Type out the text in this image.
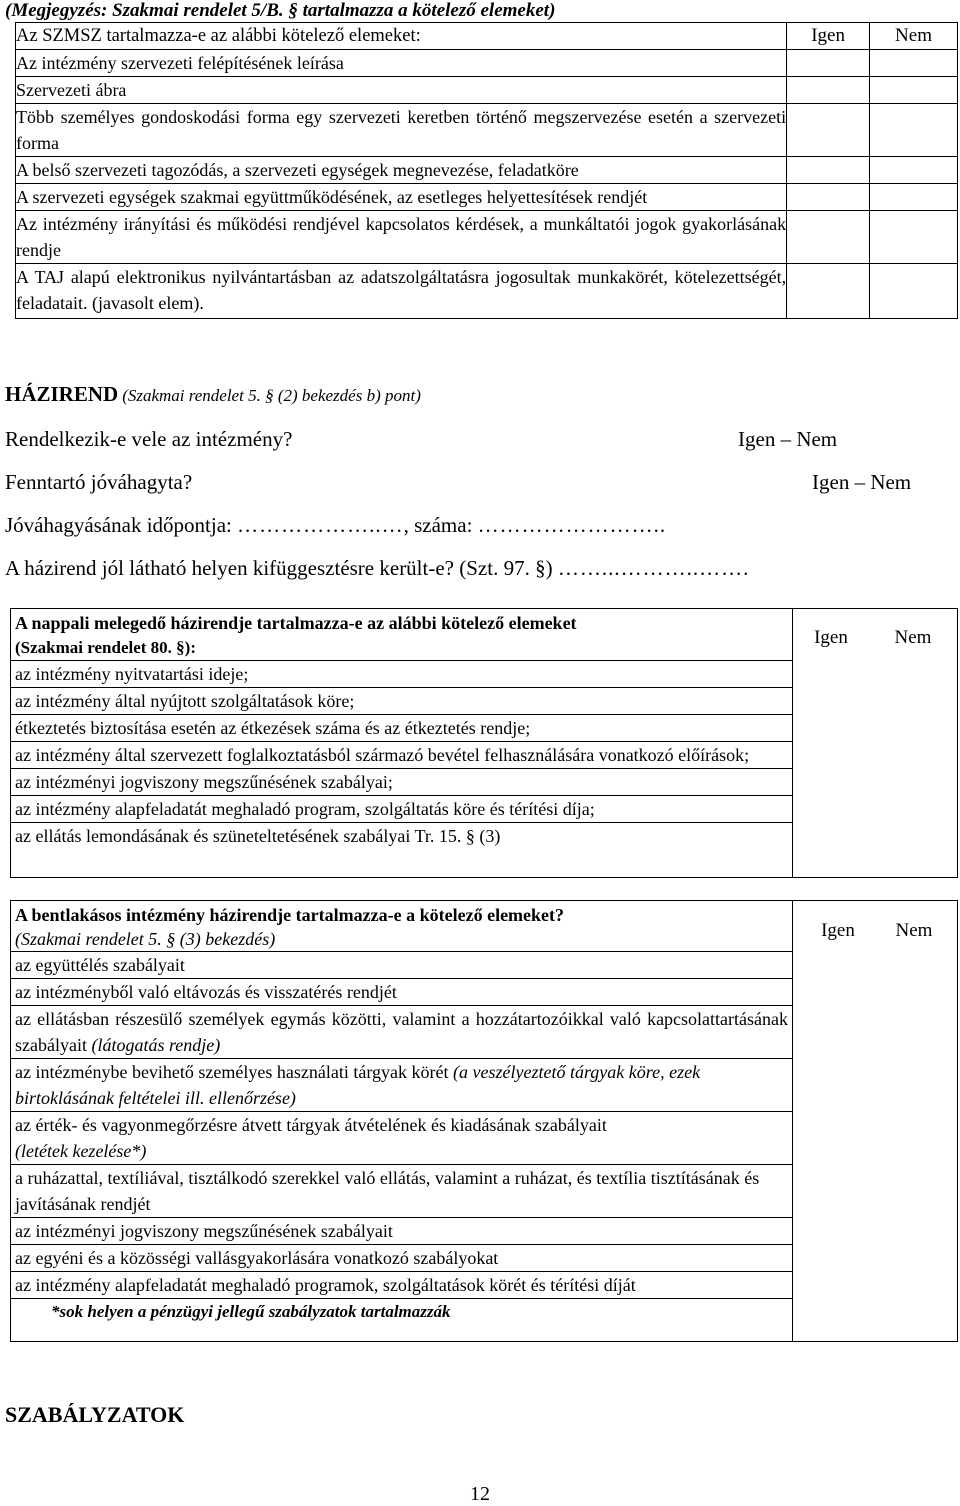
(Megjegyzés: Szakmai rendelet 5/B. § tartalmazza a kötelező elemeket)
Az SZMSZ tartalmazza-e az alábbi kötelező elemeket:	Igen	Nem
Az intézmény szervezeti felépítésének leírása		
Szervezeti ábra		
Több személyes gondoskodási forma egy szervezeti keretben történő megszervezése esetén a szervezeti forma		
A belső szervezeti tagozódás, a szervezeti egységek megnevezése, feladatköre		
A szervezeti egységek szakmai együttműködésének, az esetleges helyettesítések rendjét		
Az intézmény irányítási és működési rendjével kapcsolatos kérdések, a munkáltatói jogok gyakorlásának rendje		
A TAJ alapú elektronikus nyilvántartásban az adatszolgáltatásra jogosultak munkakörét, kötelezettségét, feladatait. (javasolt elem).		
HÁZIREND (Szakmai rendelet 5. § (2) bekezdés b) pont)
Rendelkezik-e vele az intézmény?	Igen – Nem
Fenntartó jóváhagyta?	Igen – Nem
Jóváhagyásának időpontja: ………………..…, száma: ……………………..
A házirend jól látható helyen kifüggesztésre került-e? (Szt. 97. §) ……...………..…….
A nappali melegedő házirendje tartalmazza-e az alábbi kötelező elemeket
(Szakmai rendelet 80. §):
az intézmény nyitvatartási ideje;
az intézmény által nyújtott szolgáltatások köre;
étkeztetés biztosítása esetén az étkezések száma és az étkeztetés rendje;
az intézmény által szervezett foglalkoztatásból származó bevétel felhasználására vonatkozó előírások;
az intézményi jogviszony megszűnésének szabályai;
az intézmény alapfeladatát meghaladó program, szolgáltatás köre és térítési díja;
az ellátás lemondásának és szüneteltetésének szabályai Tr. 15. § (3)
Igen	Nem
A bentlakásos intézmény házirendje tartalmazza-e a kötelező elemeket?
(Szakmai rendelet 5. § (3) bekezdés)
az együttélés szabályait
az intézményből való eltávozás és visszatérés rendjét
az ellátásban részesülő személyek egymás közötti, valamint a hozzátartozóikkal való kapcsolattartásának szabályait (látogatás rendje)
az intézménybe bevihető személyes használati tárgyak körét (a veszélyeztető tárgyak köre, ezek birtoklásának feltételei ill. ellenőrzése)
az érték- és vagyonmegőrzésre átvett tárgyak átvételének és kiadásának szabályait
(letétek kezelése*)
a ruházattal, textíliával, tisztálkodó szerekkel való ellátás, valamint a ruházat, és textília tisztításának és javításának rendjét
az intézményi jogviszony megszűnésének szabályait
az egyéni és a közösségi vallásgyakorlására vonatkozó szabályokat
az intézmény alapfeladatát meghaladó programok, szolgáltatások körét és térítési díját
*sok helyen a pénzügyi jellegű szabályzatok tartalmazzák
Igen	Nem
SZABÁLYZATOK
12
